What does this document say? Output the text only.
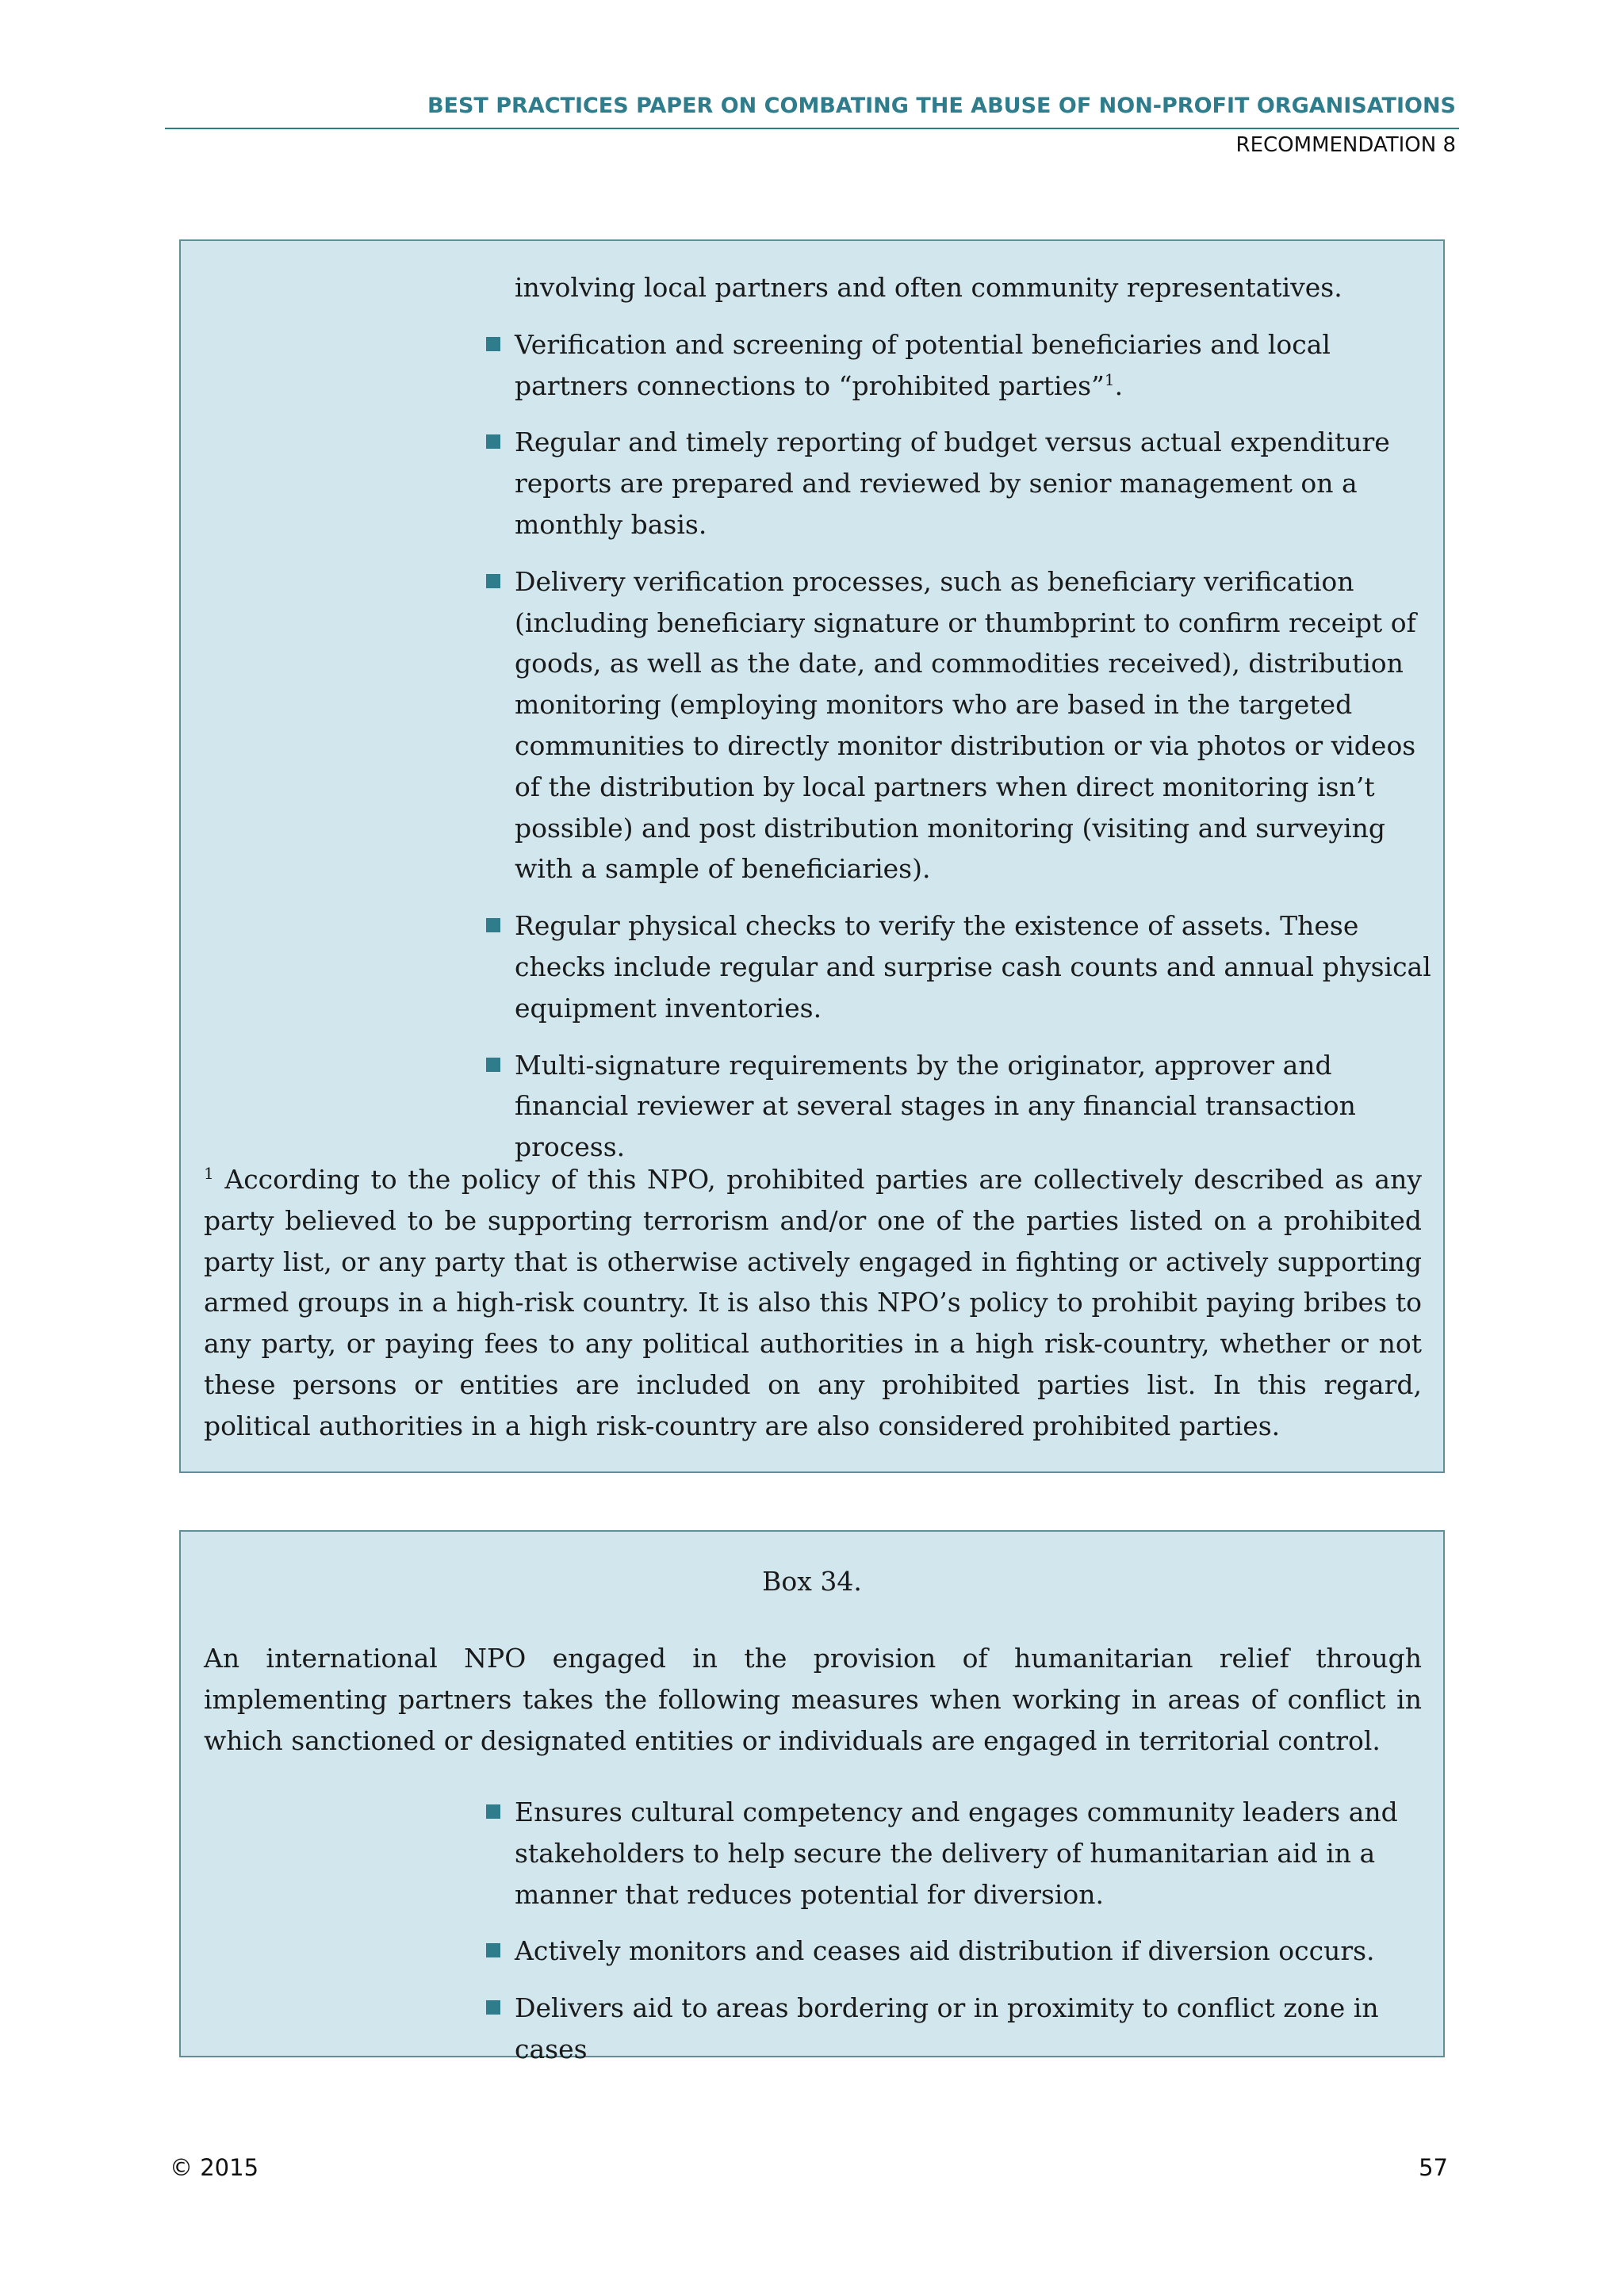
BEST PRACTICES PAPER ON COMBATING THE ABUSE OF NON-PROFIT ORGANISATIONS
RECOMMENDATION 8
involving local partners and often community representatives.
Verification and screening of potential beneficiaries and local partners connections to “prohibited parties”$^1$.
Regular and timely reporting of budget versus actual expenditure reports are prepared and reviewed by senior management on a monthly basis.
Delivery verification processes, such as beneficiary verification (including beneficiary signature or thumbprint to confirm receipt of goods, as well as the date, and commodities received), distribution monitoring (employing monitors who are based in the targeted communities to directly monitor distribution or via photos or videos of the distribution by local partners when direct monitoring isn’t possible) and post distribution monitoring (visiting and surveying with a sample of beneficiaries).
Regular physical checks to verify the existence of assets. These checks include regular and surprise cash counts and annual physical equipment inventories.
Multi-signature requirements by the originator, approver and financial reviewer at several stages in any financial transaction process.
$^1$ According to the policy of this NPO, prohibited parties are collectively described as any party believed to be supporting terrorism and/or one of the parties listed on a prohibited party list, or any party that is otherwise actively engaged in fighting or actively supporting armed groups in a high-risk country. It is also this NPO’s policy to prohibit paying bribes to any party, or paying fees to any political authorities in a high risk-country, whether or not these persons or entities are included on any prohibited parties list. In this regard, political authorities in a high risk-country are also considered prohibited parties.
Box 34.
An international NPO engaged in the provision of humanitarian relief through implementing partners takes the following measures when working in areas of conflict in which sanctioned or designated entities or individuals are engaged in territorial control.
Ensures cultural competency and engages community leaders and stakeholders to help secure the delivery of humanitarian aid in a manner that reduces potential for diversion.
Actively monitors and ceases aid distribution if diversion occurs.
Delivers aid to areas bordering or in proximity to conflict zone in cases
© 2015	57
